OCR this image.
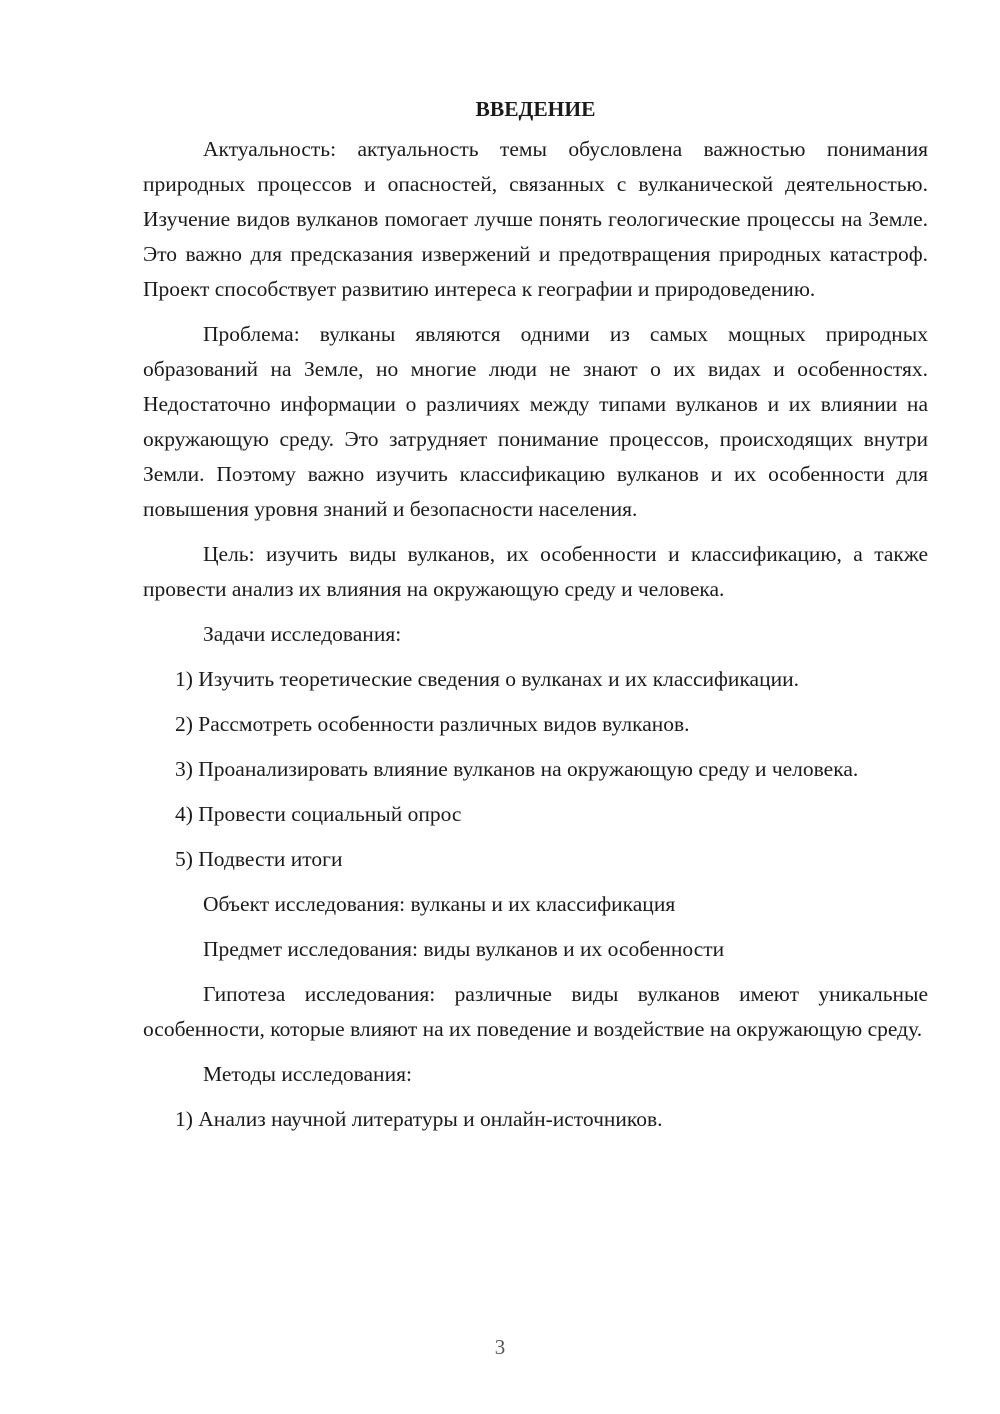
ВВЕДЕНИЕ

Актуальность: актуальность темы обусловлена важностью понимания природных процессов и опасностей, связанных с вулканической деятельностью. Изучение видов вулканов помогает лучше понять геологические процессы на Земле. Это важно для предсказания извержений и предотвращения природных катастроф. Проект способствует развитию интереса к географии и природоведению.

Проблема: вулканы являются одними из самых мощных природных образований на Земле, но многие люди не знают о их видах и особенностях. Недостаточно информации о различиях между типами вулканов и их влиянии на окружающую среду. Это затрудняет понимание процессов, происходящих внутри Земли. Поэтому важно изучить классификацию вулканов и их особенности для повышения уровня знаний и безопасности населения.

Цель: изучить виды вулканов, их особенности и классификацию, а также провести анализ их влияния на окружающую среду и человека.

Задачи исследования:

1) Изучить теоретические сведения о вулканах и их классификации.

2) Рассмотреть особенности различных видов вулканов.

3) Проанализировать влияние вулканов на окружающую среду и человека.

4) Провести социальный опрос

5) Подвести итоги

Объект исследования: вулканы и их классификация

Предмет исследования: виды вулканов и их особенности

Гипотеза исследования: различные виды вулканов имеют уникальные особенности, которые влияют на их поведение и воздействие на окружающую среду.

Методы исследования:

1) Анализ научной литературы и онлайн-источников.

3
